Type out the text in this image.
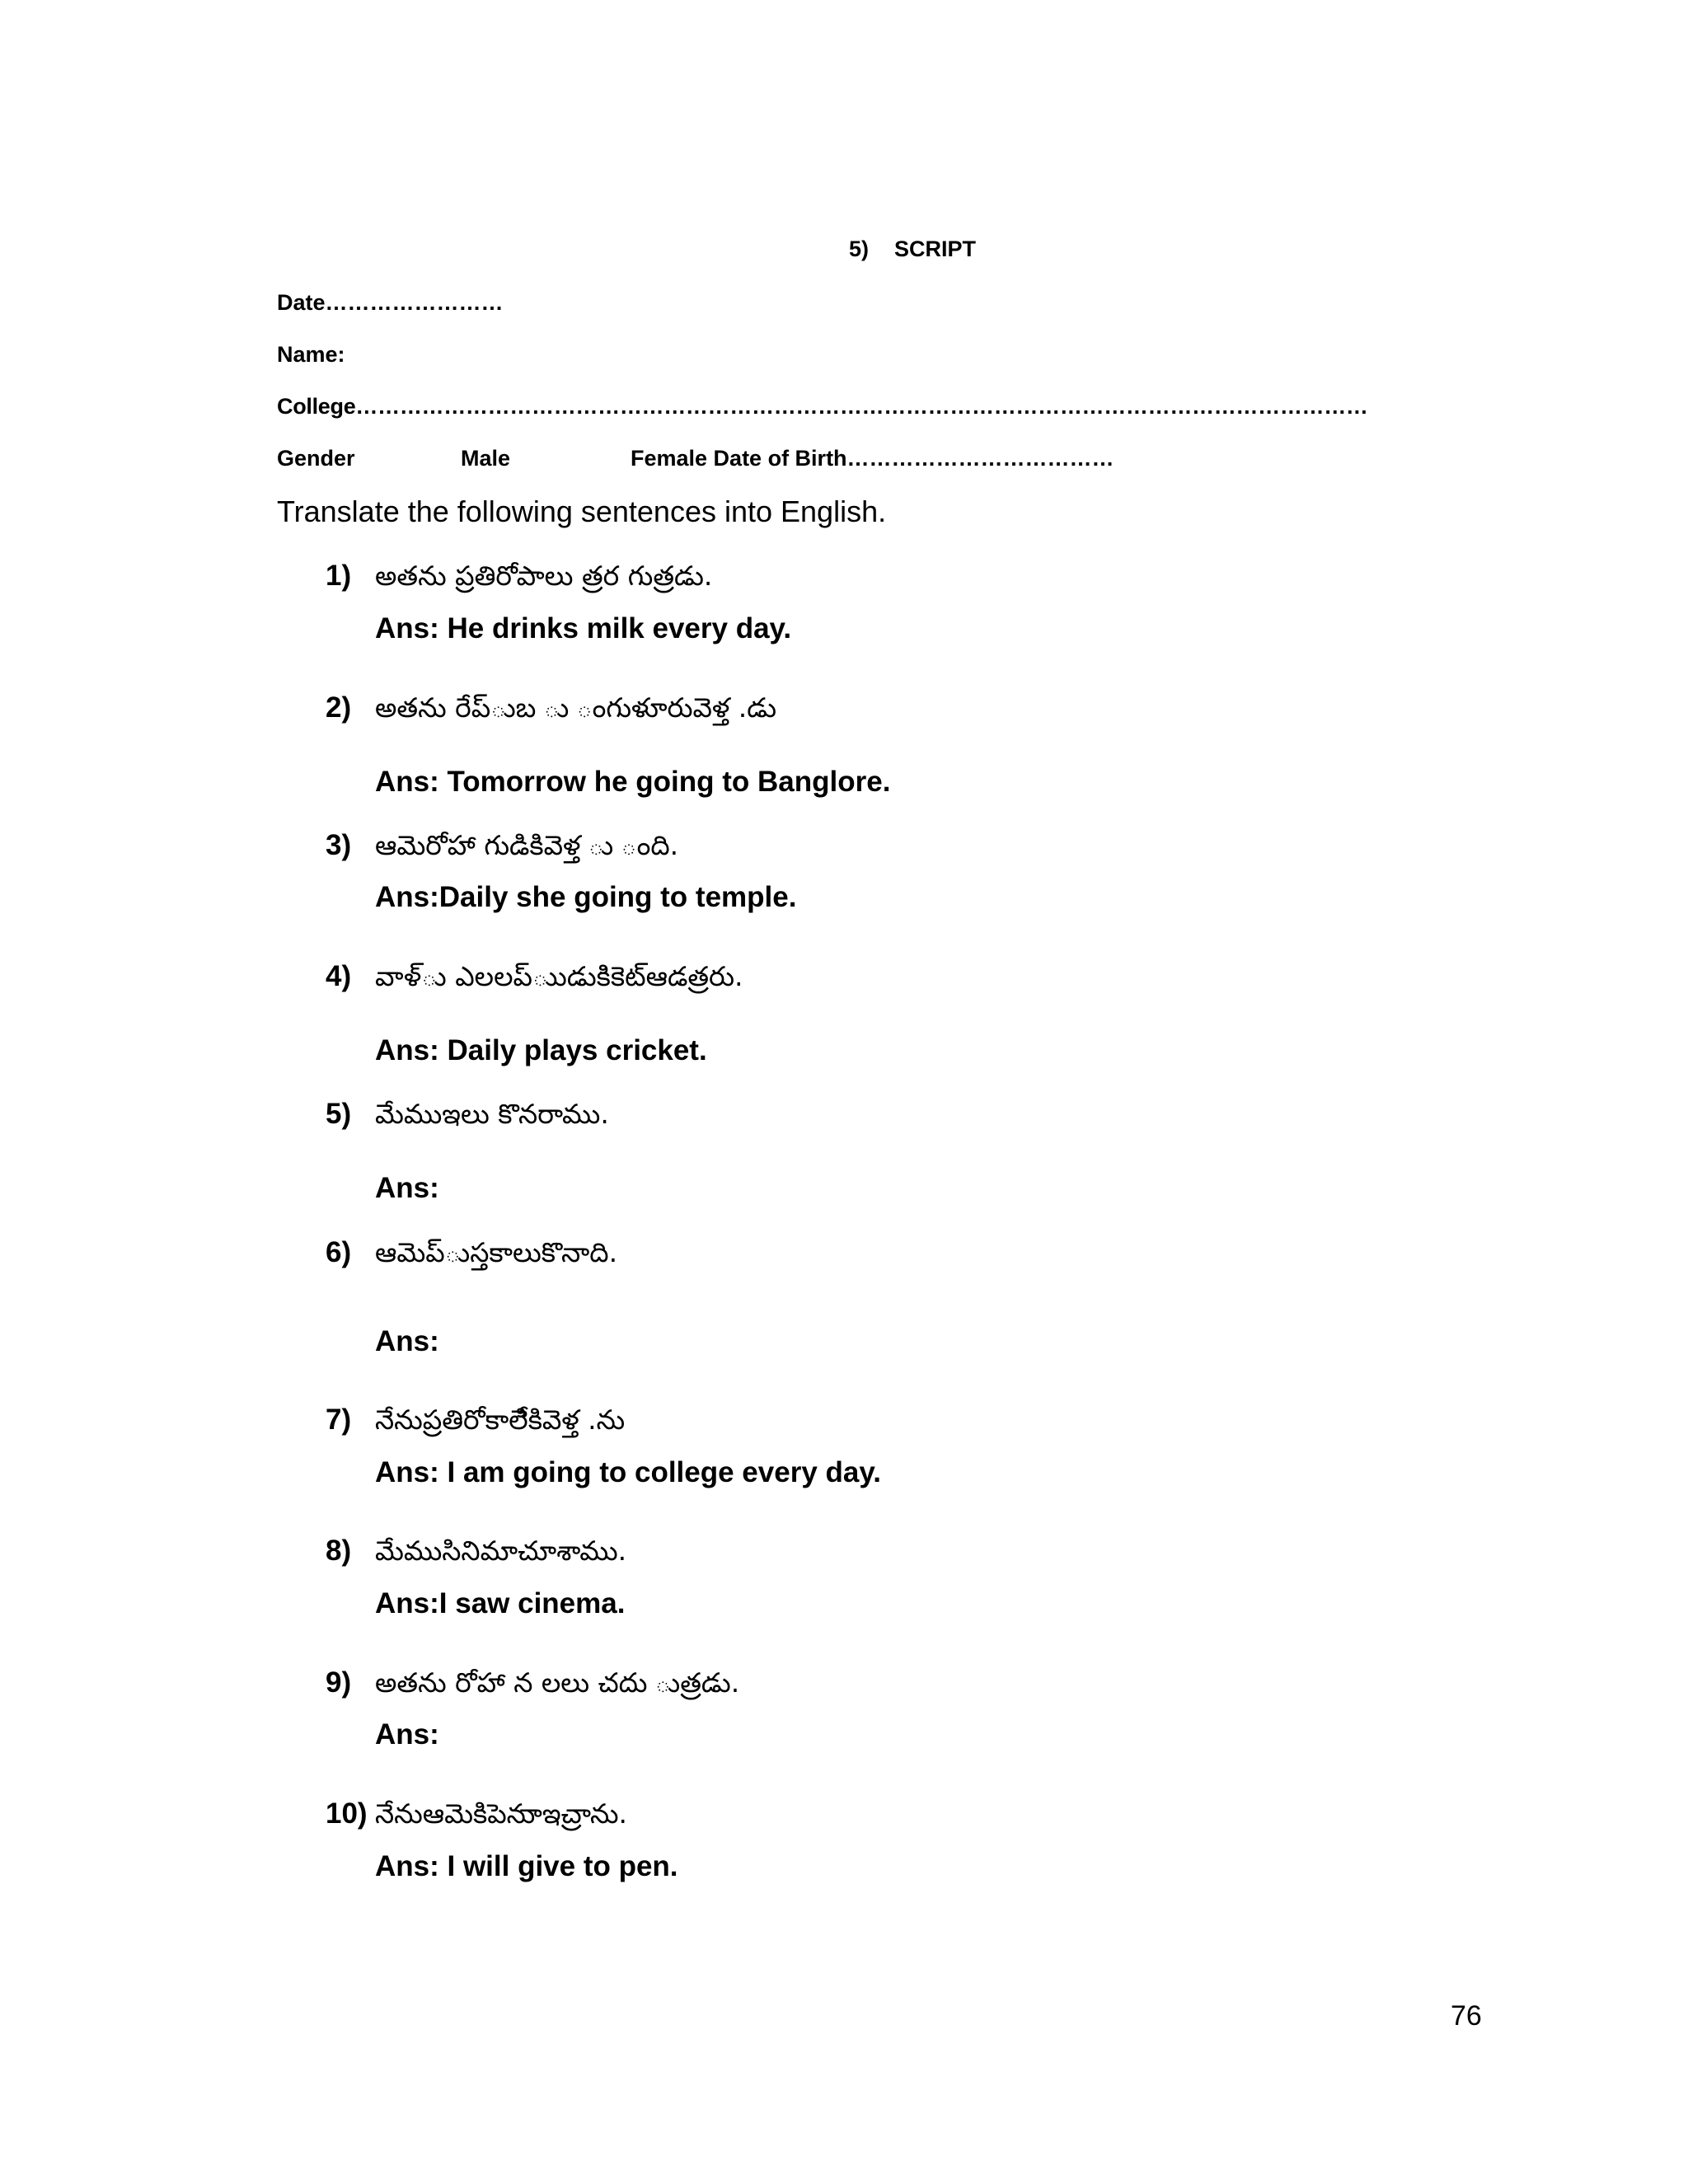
5) SCRIPT
Date……………………
Name:
College…………………………………………………………………………………………………………………………
Gender	Male	Female Date of Birth………………………………
Translate the following sentences into English.
1) అతను ప్రతిరోపాలు త్రర గుత్రడు.
Ans: He drinks milk every day.
2) అతను రేప్ుబ ు ంగుళూరువెళ్త .డు
Ans: Tomorrow he going to Banglore.
3) ఆమెరోహా గుడికివెళ్త ు ంది.
Ans:Daily she going to temple.
4) వాళ్ు ఎలలప్ుుడుకిికెట్ఆడత్రరు.
Ans: Daily plays cricket.
5) మేముఇలు కొనరాము.
Ans:
6) ఆమెప్ుస్తకాలుకొనాది.
Ans:
7) నేనుప్రతిరోకాలేికివెళ్త .ను
Ans: I am going to college every day.
8) మేముసినిమాచూశాము.
Ans:I saw cinema.
9) అతను రోహా న లలు చదు ుత్రడు.
Ans:
10) నేనుఆమెకిపెనుాఇచ్రాను.
Ans: I will give to pen.
76
